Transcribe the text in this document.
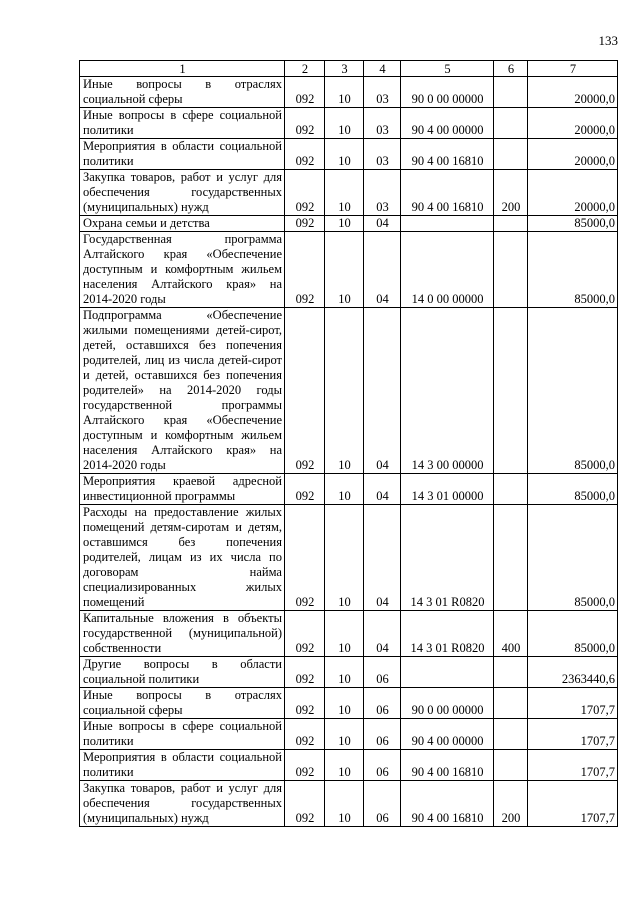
133
1	2	3	4	5	6	7
Иные вопросы в отраслях социальной сферы	092	10	03	90 0 00 00000		20000,0
Иные вопросы в сфере социальной политики	092	10	03	90 4 00 00000		20000,0
Мероприятия в области социальной политики	092	10	03	90 4 00 16810		20000,0
Закупка товаров, работ и услуг для обеспечения государственных (муниципальных) нужд	092	10	03	90 4 00 16810	200	20000,0
Охрана семьи и детства	092	10	04			85000,0
Государственная программа Алтайского края «Обеспечение доступным и комфортным жильем населения Алтайского края» на 2014-2020 годы	092	10	04	14 0 00 00000		85000,0
Подпрограмма «Обеспечение жилыми помещениями детей-сирот, детей, оставшихся без попечения родителей, лиц из числа детей-сирот и детей, оставшихся без попечения родителей» на 2014-2020 годы государственной программы Алтайского края «Обеспечение доступным и комфортным жильем населения Алтайского края» на 2014-2020 годы	092	10	04	14 3 00 00000		85000,0
Мероприятия краевой адресной инвестиционной программы	092	10	04	14 3 01 00000		85000,0
Расходы на предоставление жилых помещений детям-сиротам и детям, оставшимся без попечения родителей, лицам из их числа по договорам найма специализированных жилых помещений	092	10	04	14 3 01 R0820		85000,0
Капитальные вложения в объекты государственной (муниципальной) собственности	092	10	04	14 3 01 R0820	400	85000,0
Другие вопросы в области социальной политики	092	10	06			2363440,6
Иные вопросы в отраслях социальной сферы	092	10	06	90 0 00 00000		1707,7
Иные вопросы в сфере социальной политики	092	10	06	90 4 00 00000		1707,7
Мероприятия в области социальной политики	092	10	06	90 4 00 16810		1707,7
Закупка товаров, работ и услуг для обеспечения государственных (муниципальных) нужд	092	10	06	90 4 00 16810	200	1707,7
